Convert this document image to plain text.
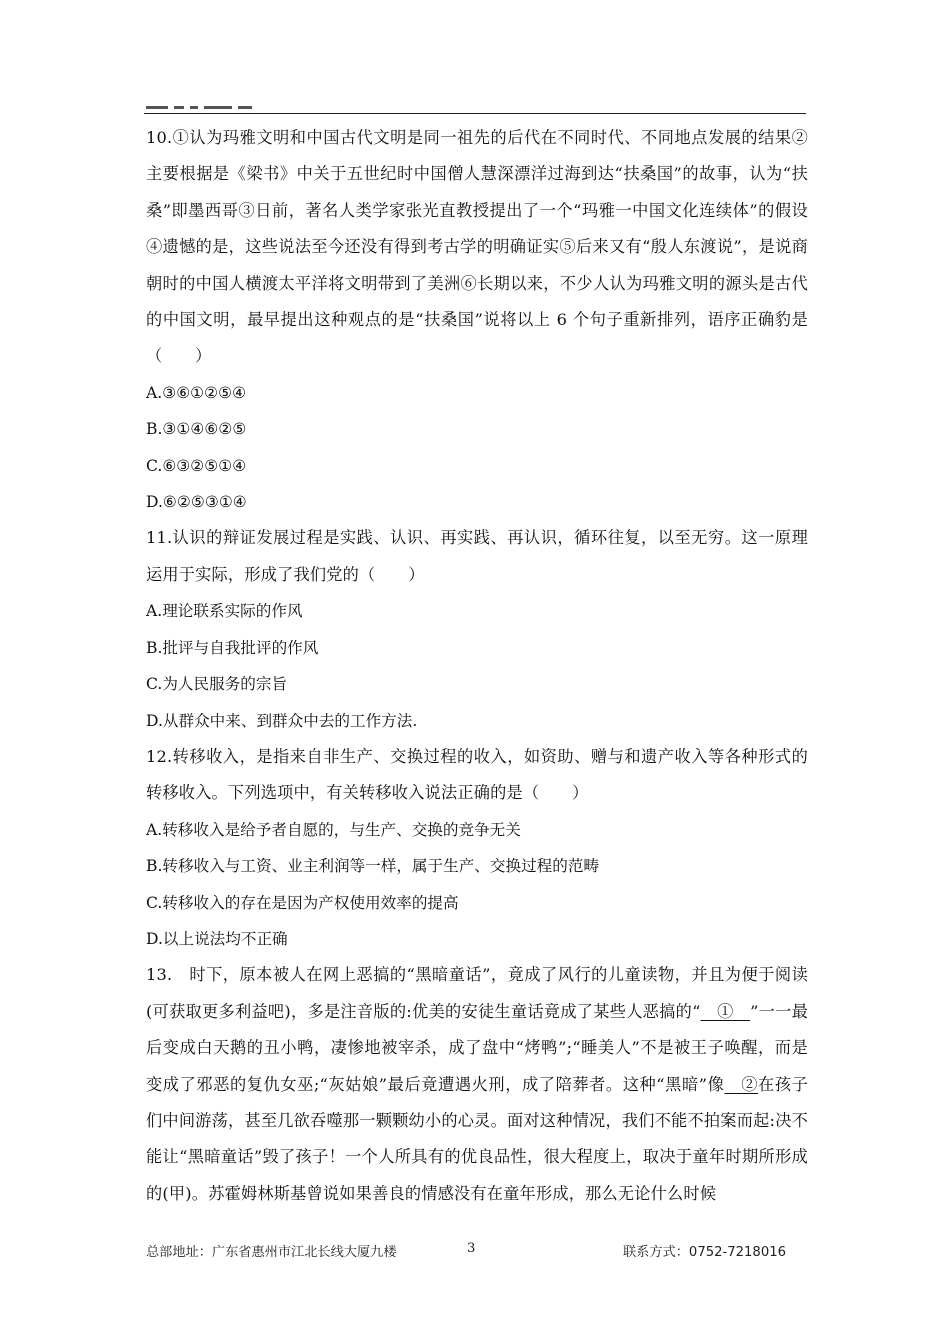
10.①认为玛雅文明和中国古代文明是同一祖先的后代在不同时代、不同地点发展的结果②主要根据是《梁书》中关于五世纪时中国僧人慧深漂洋过海到达“扶桑国”的故事，认为“扶桑”即墨西哥③日前，著名人类学家张光直教授提出了一个“玛雅一中国文化连续体”的假设④遗憾的是，这些说法至今还没有得到考古学的明确证实⑤后来又有“殷人东渡说”，是说商朝时的中国人横渡太平洋将文明带到了美洲⑥长期以来，不少人认为玛雅文明的源头是古代的中国文明，最早提出这种观点的是“扶桑国”说将以上 6 个句子重新排列，语序正确豹是（　　）

A.③⑥①②⑤④

B.③①④⑥②⑤

C.⑥③②⑤①④

D.⑥②⑤③①④

11.认识的辩证发展过程是实践、认识、再实践、再认识，循环往复，以至无穷。这一原理运用于实际，形成了我们党的（　　）

A.理论联系实际的作风

B.批评与自我批评的作风

C.为人民服务的宗旨

D.从群众中来、到群众中去的工作方法.

12.转移收入，是指来自非生产、交换过程的收入，如资助、赠与和遗产收入等各种形式的转移收入。下列选项中，有关转移收入说法正确的是（　　）

A.转移收入是给予者自愿的，与生产、交换的竞争无关

B.转移收入与工资、业主利润等一样，属于生产、交换过程的范畴

C.转移收入的存在是因为产权使用效率的提高

D.以上说法均不正确

13.　时下，原本被人在网上恶搞的“黑暗童话”，竟成了风行的儿童读物，并且为便于阅读(可获取更多利益吧)，多是注音版的:优美的安徒生童话竟成了某些人恶搞的“　①　”一一最后变成白天鹅的丑小鸭，凄惨地被宰杀，成了盘中“烤鸭”;“睡美人”不是被王子唤醒，而是变成了邪恶的复仇女巫;“灰姑娘”最后竟遭遇火刑，成了陪葬者。这种“黑暗”像　②在孩子们中间游荡，甚至几欲吞噬那一颗颗幼小的心灵。面对这种情况，我们不能不拍案而起:决不能让“黑暗童话”毁了孩子！一个人所具有的优良品性，很大程度上，取决于童年时期所形成的(甲)。苏霍姆林斯基曾说如果善良的情感没有在童年形成，那么无论什么时候

总部地址：广东省惠州市江北长线大厦九楼	3	联系方式：0752-7218016
